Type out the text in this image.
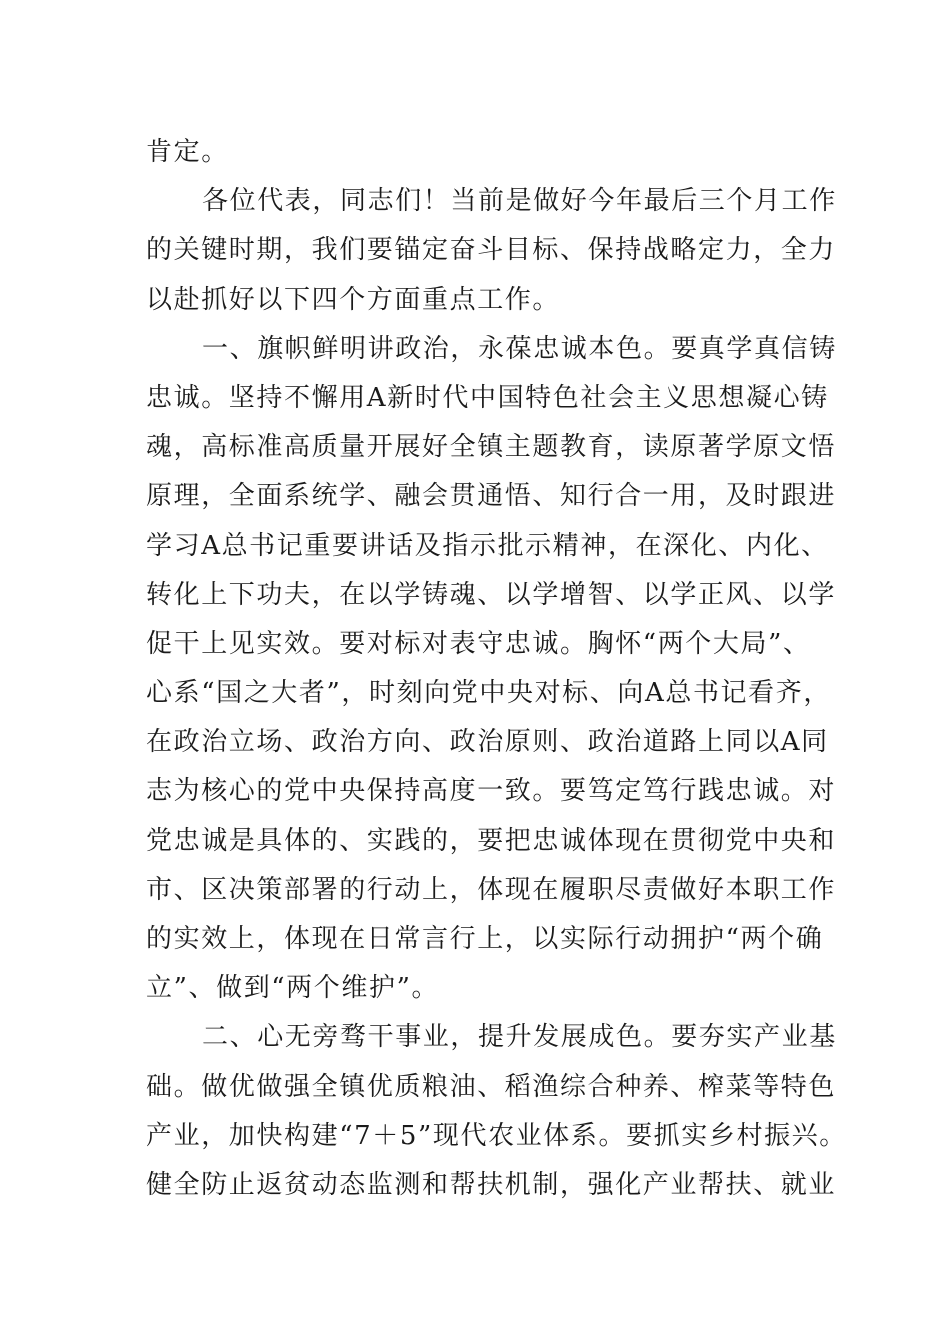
肯定。
各位代表，同志们！当前是做好今年最后三个月工作
的关键时期，我们要锚定奋斗目标、保持战略定力，全力
以赴抓好以下四个方面重点工作。
一、旗帜鲜明讲政治，永葆忠诚本色。要真学真信铸
忠诚。坚持不懈用A新时代中国特色社会主义思想凝心铸
魂，高标准高质量开展好全镇主题教育，读原著学原文悟
原理，全面系统学、融会贯通悟、知行合一用，及时跟进
学习A总书记重要讲话及指示批示精神，在深化、内化、
转化上下功夫，在以学铸魂、以学增智、以学正风、以学
促干上见实效。要对标对表守忠诚。胸怀“两个大局”、
心系“国之大者”，时刻向党中央对标、向A总书记看齐，
在政治立场、政治方向、政治原则、政治道路上同以A同
志为核心的党中央保持高度一致。要笃定笃行践忠诚。对
党忠诚是具体的、实践的，要把忠诚体现在贯彻党中央和
市、区决策部署的行动上，体现在履职尽责做好本职工作
的实效上，体现在日常言行上，以实际行动拥护“两个确
立”、做到“两个维护”。
二、心无旁骛干事业，提升发展成色。要夯实产业基
础。做优做强全镇优质粮油、稻渔综合种养、榨菜等特色
产业，加快构建“7＋5”现代农业体系。要抓实乡村振兴。
健全防止返贫动态监测和帮扶机制，强化产业帮扶、就业
